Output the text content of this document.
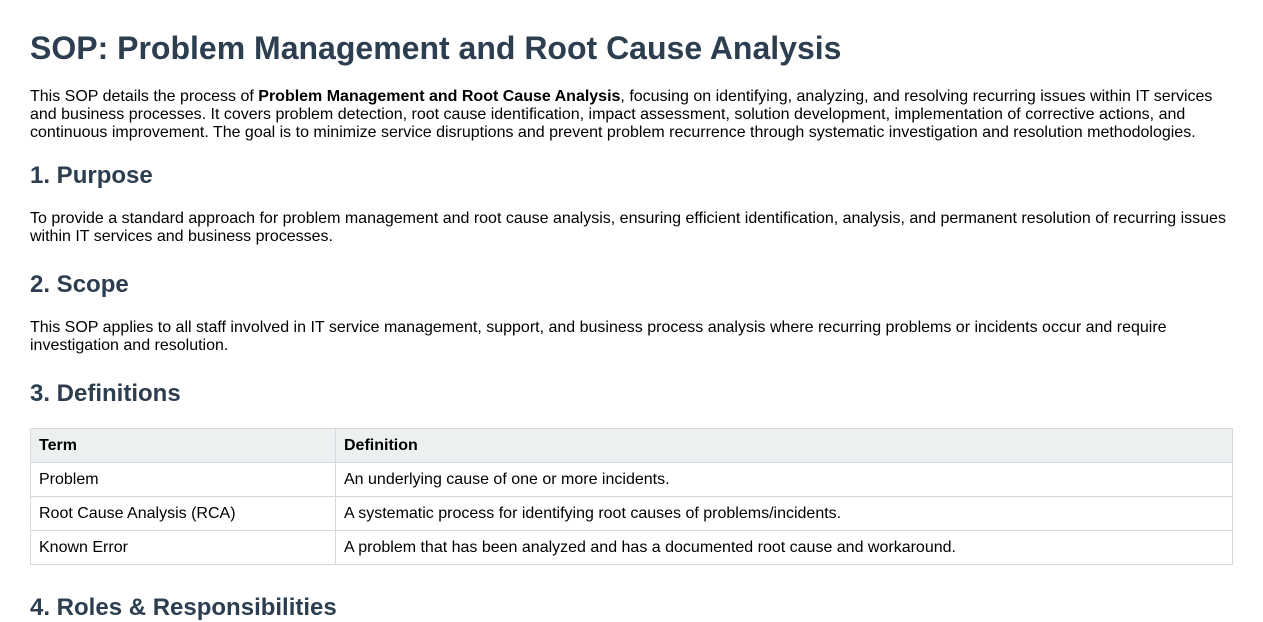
SOP: Problem Management and Root Cause Analysis

This SOP details the process of Problem Management and Root Cause Analysis, focusing on identifying, analyzing, and resolving recurring issues within IT services and business processes. It covers problem detection, root cause identification, impact assessment, solution development, implementation of corrective actions, and continuous improvement. The goal is to minimize service disruptions and prevent problem recurrence through systematic investigation and resolution methodologies.

1. Purpose

To provide a standard approach for problem management and root cause analysis, ensuring efficient identification, analysis, and permanent resolution of recurring issues within IT services and business processes.

2. Scope

This SOP applies to all staff involved in IT service management, support, and business process analysis where recurring problems or incidents occur and require investigation and resolution.

3. Definitions
Term	Definition
Problem	An underlying cause of one or more incidents.
Root Cause Analysis (RCA)	A systematic process for identifying root causes of problems/incidents.
Known Error	A problem that has been analyzed and has a documented root cause and workaround.
4. Roles & Responsibilities
